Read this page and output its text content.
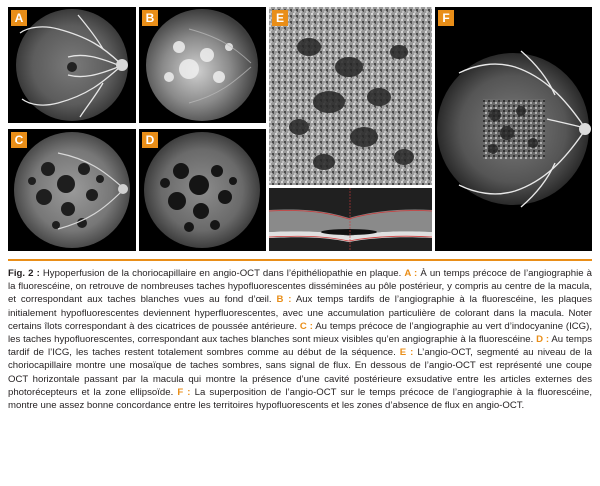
A	B
C	D
E	F
Fig. 2 : Hypoperfusion de la choriocapillaire en angio-OCT dans l’épithéliopathie en plaque. A : À un temps précoce de l’angiographie à la fluorescéine, on retrouve de nombreuses taches hypofluorescentes disséminées au pôle postérieur, y compris au centre de la macula, et correspondant aux taches blanches vues au fond d’œil. B : Aux temps tardifs de l’angiographie à la fluorescéine, les plaques initialement hypofluorescentes deviennent hyperfluorescentes, avec une accumulation particulière de colorant dans la macula. Noter certains îlots correspondant à des cicatrices de poussée antérieure. C : Au temps précoce de l’angiographie au vert d’indocyanine (ICG), les taches hypofluorescentes, correspondant aux taches blanches sont mieux visibles qu’en angiographie à la fluorescéine. D : Au temps tardif de l’ICG, les taches restent totalement sombres comme au début de la séquence. E : L’angio-OCT, segmenté au niveau de la choriocapillaire montre une mosaïque de taches sombres, sans signal de flux. En dessous de l’angio-OCT est représenté une coupe OCT horizontale passant par la macula qui montre la présence d’une cavité postérieure exsudative entre les articles externes des photorécepteurs et la zone ellipsoïde. F : La superposition de l’angio-OCT sur le temps précoce de l’angiographie à la fluorescéine, montre une assez bonne concordance entre les territoires hypofluorescents et les zones d’absence de flux en angio-OCT.
